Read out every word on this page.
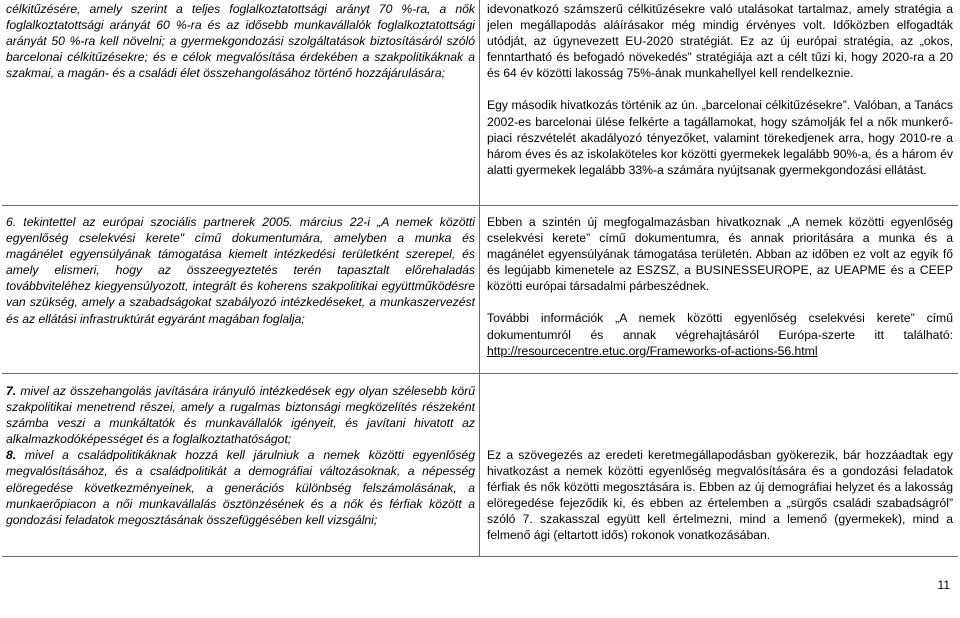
célkitűzésére, amely szerint a teljes foglalkoztatottsági arányt 70 %-ra, a nők foglalkoztatottsági arányát 60 %-ra és az idősebb munkavállalók foglalkoztatottsági arányát 50 %-ra kell növelni; a gyermekgondozási szolgáltatások biztosításáról szóló barcelonai célkitűzésekre; és e célok megvalósítása érdekében a szakpolitikáknak a szakmai, a magán- és a családi élet összehangolásához történő hozzájárulására;

idevonatkozó számszerű célkitűzésekre való utalásokat tartalmaz, amely stratégia a jelen megállapodás aláírásakor még mindig érvényes volt. Időközben elfogadták utódját, az úgynevezett EU-2020 stratégiát. Ez az új európai stratégia, az „okos, fenntartható és befogadó növekedés” stratégiája azt a célt tűzi ki, hogy 2020-ra a 20 és 64 év közötti lakosság 75%-ának munkahellyel kell rendelkeznie.

Egy második hivatkozás történik az ún. „barcelonai célkitűzésekre”. Valóban, a Tanács 2002-es barcelonai ülése felkérte a tagállamokat, hogy számolják fel a nők munkerő-piaci részvételét akadályozó tényezőket, valamint törekedjenek arra, hogy 2010-re a három éves és az iskolaköteles kor közötti gyermekek legalább 90%-a, és a három év alatti gyermekek legalább 33%-a számára nyújtsanak gyermekgondozási ellátást.

6. tekintettel az európai szociális partnerek 2005. március 22-i „A nemek közötti egyenlőség cselekvési kerete" című dokumentumára, amelyben a munka és magánélet egyensúlyának támogatása kiemelt intézkedési területként szerepel, és amely elismeri, hogy az összeegyeztetés terén tapasztalt előrehaladás továbbviteléhez kiegyensúlyozott, integrált és koherens szakpolitikai együttműködésre van szükség, amely a szabadságokat szabályozó intézkedéseket, a munkaszervezést és az ellátási infrastruktúrát egyaránt magában foglalja;

Ebben a szintén új megfogalmazásban hivatkoznak „A nemek közötti egyenlőség cselekvési kerete” című dokumentumra, és annak prioritására a munka és a magánélet egyensúlyának támogatása területén. Abban az időben ez volt az egyik fő és legújabb kimenetele az ESZSZ, a BUSINESSEUROPE, az UEAPME és a CEEP közötti európai társadalmi párbeszédnek.

További információk „A nemek közötti egyenlőség cselekvési kerete” című dokumentumról és annak végrehajtásáról Európa-szerte itt található: http://resourcecentre.etuc.org/Frameworks-of-actions-56.html

7. mivel az összehangolás javítására irányuló intézkedések egy olyan szélesebb körű szakpolitikai menetrend részei, amely a rugalmas biztonsági megközelítés részeként számba veszi a munkáltatók és munkavállalók igényeit, és javítani hivatott az alkalmazkodóképességet és a foglalkoztathatóságot;

8. mivel a családpolitikáknak hozzá kell járulniuk a nemek közötti egyenlőség megvalósításához, és a családpolitikát a demográfiai változásoknak, a népesség elöregedése következményeinek, a generációs különbség felszámolásának, a munkaerőpiacon a női munkavállalás ösztönzésének és a nők és férfiak között a gondozási feladatok megosztásának összefüggésében kell vizsgálni;

Ez a szövegezés az eredeti keretmegállapodásban gyökerezik, bár hozzáadtak egy hivatkozást a nemek közötti egyenlőség megvalósítására és a gondozási feladatok férfiak és nők közötti megosztására is. Ebben az új demográfiai helyzet és a lakosság elöregedése fejeződik ki, és ebben az értelemben a „sürgős családi szabadságról” szóló 7. szakasszal együtt kell értelmezni, mind a lemenő (gyermekek), mind a felmenő ági (eltartott idős) rokonok vonatkozásában.

11
